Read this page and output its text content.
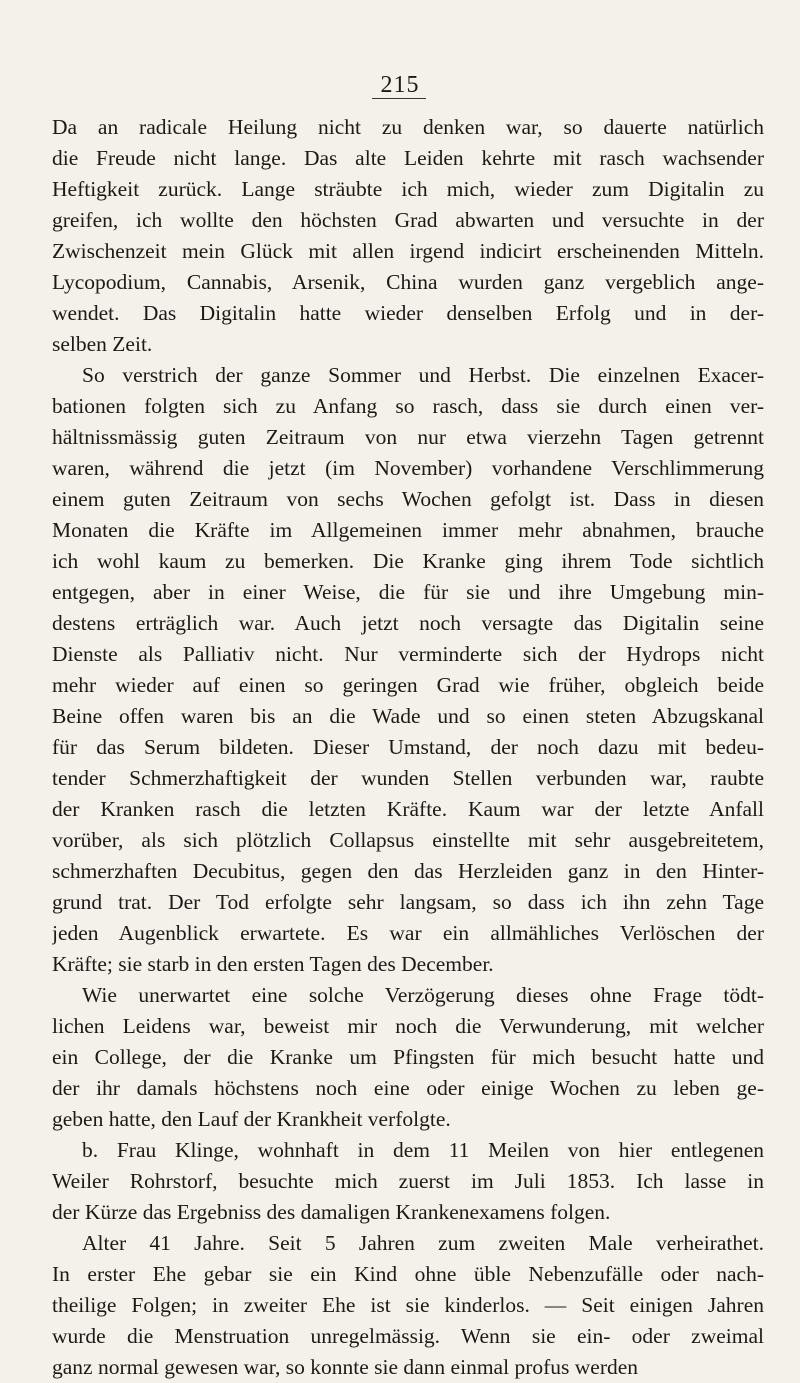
215
Da an radicale Heilung nicht zu denken war, so dauerte natürlich
die Freude nicht lange. Das alte Leiden kehrte mit rasch wachsender
Heftigkeit zurück. Lange sträubte ich mich, wieder zum Digitalin zu
greifen, ich wollte den höchsten Grad abwarten und versuchte in der
Zwischenzeit mein Glück mit allen irgend indicirt erscheinenden Mitteln.
Lycopodium, Cannabis, Arsenik, China wurden ganz vergeblich ange-
wendet. Das Digitalin hatte wieder denselben Erfolg und in der-
selben Zeit.
So verstrich der ganze Sommer und Herbst. Die einzelnen Exacer-
bationen folgten sich zu Anfang so rasch, dass sie durch einen ver-
hältnissmässig guten Zeitraum von nur etwa vierzehn Tagen getrennt
waren, während die jetzt (im November) vorhandene Verschlimmerung
einem guten Zeitraum von sechs Wochen gefolgt ist. Dass in diesen
Monaten die Kräfte im Allgemeinen immer mehr abnahmen, brauche
ich wohl kaum zu bemerken. Die Kranke ging ihrem Tode sichtlich
entgegen, aber in einer Weise, die für sie und ihre Umgebung min-
destens erträglich war. Auch jetzt noch versagte das Digitalin seine
Dienste als Palliativ nicht. Nur verminderte sich der Hydrops nicht
mehr wieder auf einen so geringen Grad wie früher, obgleich beide
Beine offen waren bis an die Wade und so einen steten Abzugskanal
für das Serum bildeten. Dieser Umstand, der noch dazu mit bedeu-
tender Schmerzhaftigkeit der wunden Stellen verbunden war, raubte
der Kranken rasch die letzten Kräfte. Kaum war der letzte Anfall
vorüber, als sich plötzlich Collapsus einstellte mit sehr ausgebreitetem,
schmerzhaften Decubitus, gegen den das Herzleiden ganz in den Hinter-
grund trat. Der Tod erfolgte sehr langsam, so dass ich ihn zehn Tage
jeden Augenblick erwartete. Es war ein allmähliches Verlöschen der
Kräfte; sie starb in den ersten Tagen des December.
Wie unerwartet eine solche Verzögerung dieses ohne Frage tödt-
lichen Leidens war, beweist mir noch die Verwunderung, mit welcher
ein College, der die Kranke um Pfingsten für mich besucht hatte und
der ihr damals höchstens noch eine oder einige Wochen zu leben ge-
geben hatte, den Lauf der Krankheit verfolgte.
b. Frau Klinge, wohnhaft in dem 11 Meilen von hier entlegenen
Weiler Rohrstorf, besuchte mich zuerst im Juli 1853. Ich lasse in
der Kürze das Ergebniss des damaligen Krankenexamens folgen.
Alter 41 Jahre. Seit 5 Jahren zum zweiten Male verheirathet.
In erster Ehe gebar sie ein Kind ohne üble Nebenzufälle oder nach-
theilige Folgen; in zweiter Ehe ist sie kinderlos. — Seit einigen Jahren
wurde die Menstruation unregelmässig. Wenn sie ein- oder zweimal
ganz normal gewesen war, so konnte sie dann einmal profus werden
